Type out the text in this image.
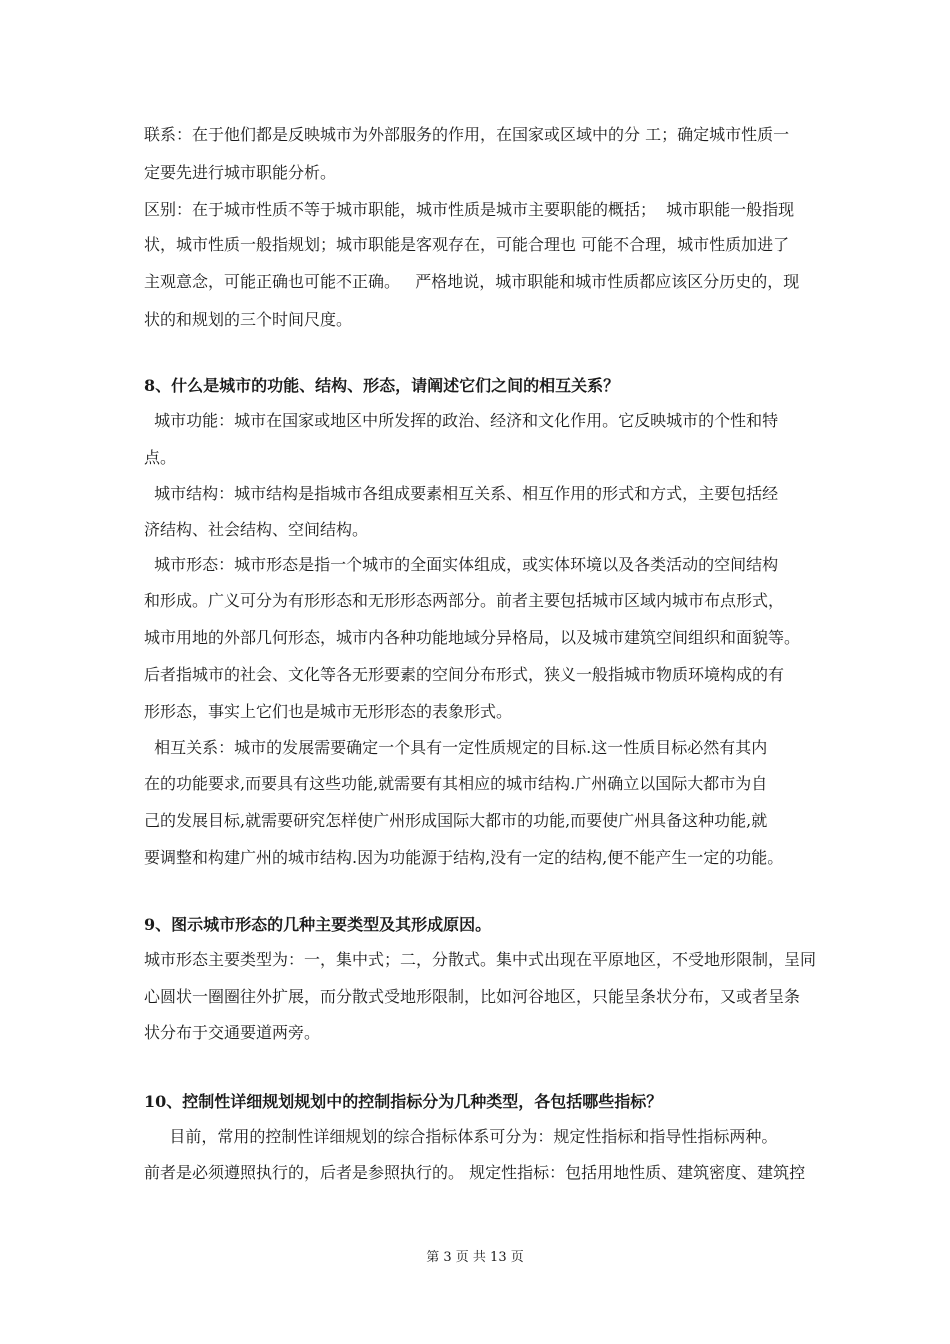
联系：在于他们都是反映城市为外部服务的作用，在国家或区域中的分 工；确定城市性质一
定要先进行城市职能分析。
区别：在于城市性质不等于城市职能，城市性质是城市主要职能的概括；  城市职能一般指现
状，城市性质一般指规划；城市职能是客观存在，可能合理也 可能不合理，城市性质加进了
主观意念，可能正确也可能不正确。   严格地说，城市职能和城市性质都应该区分历史的，现
状的和规划的三个时间尺度。
8、什么是城市的功能、结构、形态，请阐述它们之间的相互关系？
城市功能：城市在国家或地区中所发挥的政治、经济和文化作用。它反映城市的个性和特
点。
城市结构：城市结构是指城市各组成要素相互关系、相互作用的形式和方式，主要包括经
济结构、社会结构、空间结构。
城市形态：城市形态是指一个城市的全面实体组成，或实体环境以及各类活动的空间结构
和形成。广义可分为有形形态和无形形态两部分。前者主要包括城市区域内城市布点形式，
城市用地的外部几何形态，城市内各种功能地域分异格局，以及城市建筑空间组织和面貌等。
后者指城市的社会、文化等各无形要素的空间分布形式，狭义一般指城市物质环境构成的有
形形态，事实上它们也是城市无形形态的表象形式。
相互关系：城市的发展需要确定一个具有一定性质规定的目标.这一性质目标必然有其内
在的功能要求,而要具有这些功能,就需要有其相应的城市结构.广州确立以国际大都市为自
己的发展目标,就需要研究怎样使广州形成国际大都市的功能,而要使广州具备这种功能,就
要调整和构建广州的城市结构.因为功能源于结构,没有一定的结构,便不能产生一定的功能。
9、图示城市形态的几种主要类型及其形成原因。
城市形态主要类型为：一，集中式；二，分散式。集中式出现在平原地区，不受地形限制，呈同
心圆状一圈圈往外扩展，而分散式受地形限制，比如河谷地区，只能呈条状分布，又或者呈条
状分布于交通要道两旁。
10、控制性详细规划规划中的控制指标分为几种类型，各包括哪些指标？
目前，常用的控制性详细规划的综合指标体系可分为：规定性指标和指导性指标两种。
前者是必须遵照执行的，后者是参照执行的。 规定性指标：包括用地性质、建筑密度、建筑控
第 3 页 共 13 页
